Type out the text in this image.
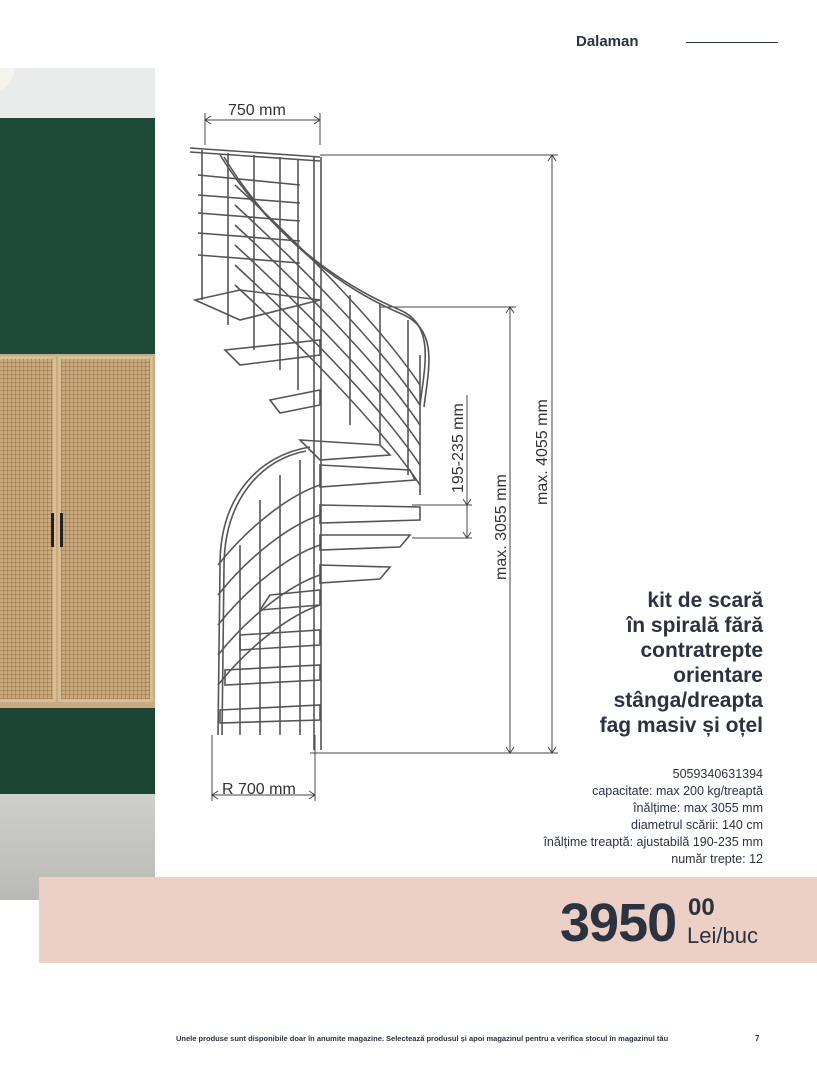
Dalaman
750 mm
max. 4055 mm
max. 3055 mm
195-235 mm
R 700 mm
kit de scară
în spirală fără
contratrepte
orientare
stânga/dreapta
fag masiv și oțel
5059340631394
capacitate: max 200 kg/treaptă
înălțime: max 3055 mm
diametrul scării: 140 cm
înălțime treaptă: ajustabilă 190-235 mm
număr trepte: 12
3950 00
Lei/buc
Unele produse sunt disponibile doar în anumite magazine. Selectează produsul și apoi magazinul pentru a verifica stocul în magazinul tău	7
